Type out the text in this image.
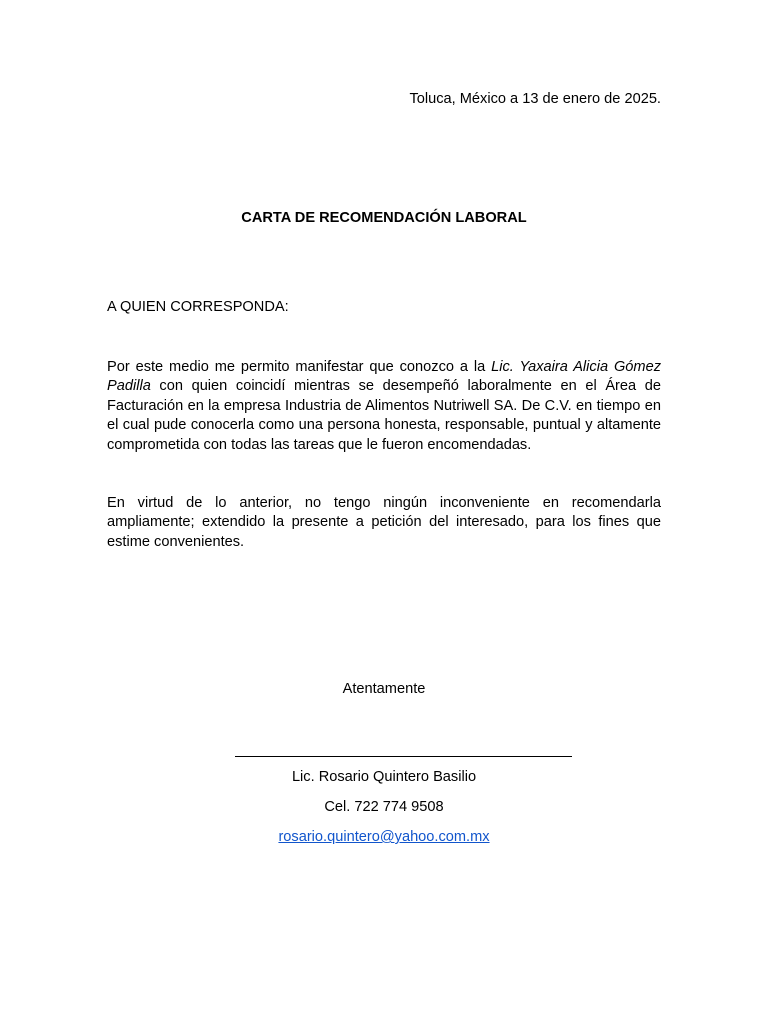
Toluca, México a 13 de enero de 2025.
CARTA DE RECOMENDACIÓN LABORAL
A QUIEN CORRESPONDA:
Por este medio me permito manifestar que conozco a la Lic. Yaxaira Alicia Gómez Padilla con quien coincidí mientras se desempeñó laboralmente en el Área de Facturación en la empresa Industria de Alimentos Nutriwell SA. De C.V. en tiempo en el cual pude conocerla como una persona honesta, responsable, puntual y altamente comprometida con todas las tareas que le fueron encomendadas.
En virtud de lo anterior, no tengo ningún inconveniente en recomendarla ampliamente; extendido la presente a petición del interesado, para los fines que estime convenientes.
Atentamente
Lic. Rosario Quintero Basilio
Cel. 722 774 9508
rosario.quintero@yahoo.com.mx
